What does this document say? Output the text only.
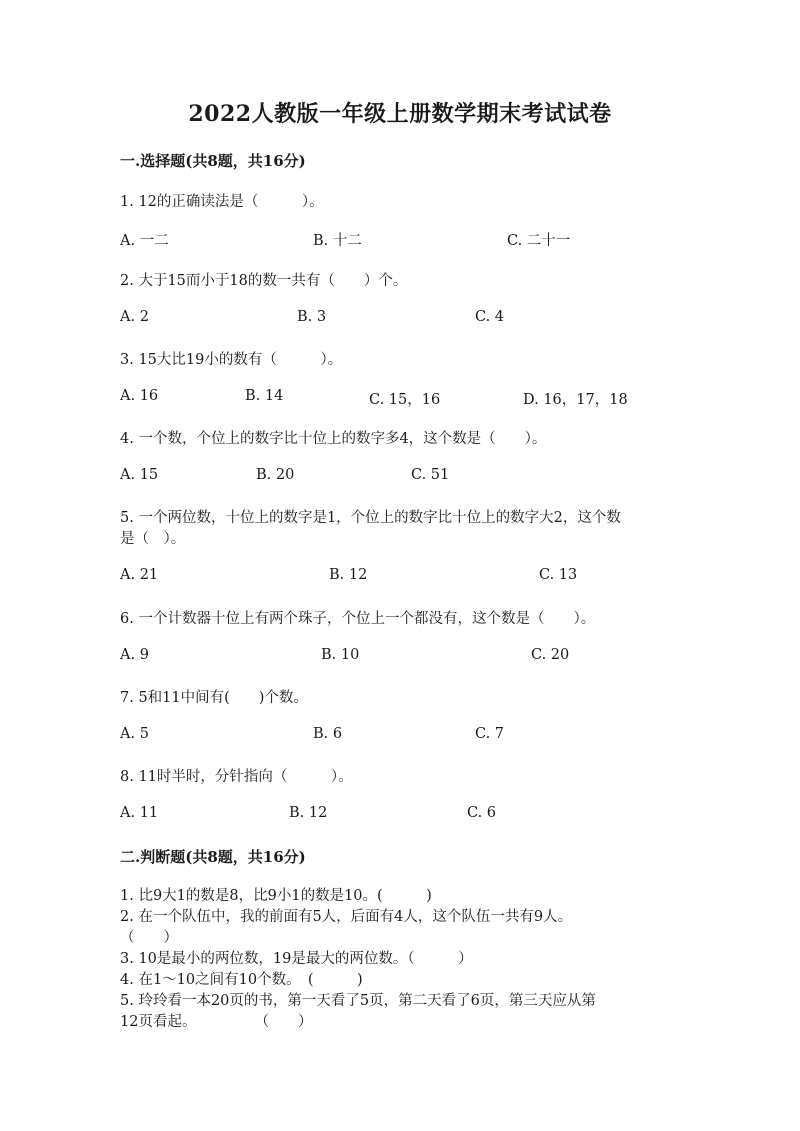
2022人教版一年级上册数学期末考试试卷
一.选择题(共8题，共16分)
1. 12的正确读法是（　　　）。
A. 一二	B. 十二	C. 二十一
2. 大于15而小于18的数一共有（　　）个。
A. 2	B. 3	C. 4
3. 15大比19小的数有（　　　）。
A. 16	B. 14	C. 15，16	D. 16，17，18
4. 一个数，个位上的数字比十位上的数字多4，这个数是（　　）。
A. 15	B. 20	C. 51
5. 一个两位数，十位上的数字是1，个位上的数字比十位上的数字大2，这个数
是（　）。
A. 21	B. 12	C. 13
6. 一个计数器十位上有两个珠子，个位上一个都没有，这个数是（　　）。
A. 9	B. 10	C. 20
7. 5和11中间有(　　)个数。
A. 5	B. 6	C. 7
8. 11时半时，分针指向（　　　）。
A. 11	B. 12	C. 6
二.判断题(共8题，共16分)
1. 比9大1的数是8，比9小1的数是10。(　　　)
2. 在一个队伍中，我的前面有5人，后面有4人，这个队伍一共有9人。
（　　）
3. 10是最小的两位数，19是最大的两位数。（　　　）
4. 在1～10之间有10个数。　(　　　)
5. 玲玲看一本20页的书，第一天看了5页，第二天看了6页，第三天应从第
12页看起。　　　　　（　　）
